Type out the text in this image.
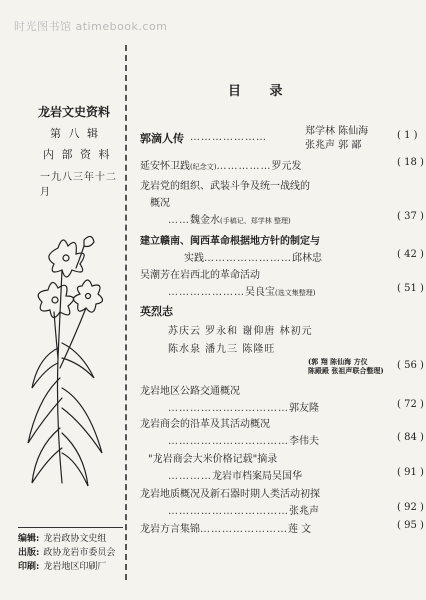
时光图书馆 atimebook.com
龙岩文史资料
第 八 辑
内 部 资 料
一九八三年十二月
编辑: 龙岩政协文史组
出版: 政协龙岩市委员会
印刷: 龙岩地区印刷厂
目 录
郭滴人传 …………………
郑学林 陈仙海
张兆声 郭 鄙
( 1 )
延安怀卫践(纪念文)……………罗元发	( 18 )
龙岩党的组织、武装斗争及统一战线的
概况
……魏金水(手稿记、郑学林 整理)	( 37 )
建立赣南、闽西革命根据地方针的制定与
实践……………………邱林忠	( 42 )
吴潮芳在岩西北的革命活动
…………………吴良宝(选文集整理)	( 51 )
英烈志
苏庆云 罗永和 谢仰唐 林初元
陈水泉 潘九三 陈隆旺
(郭 翔 陈仙海 方仪
陈殿殿 张祖声联合整理) ( 56 )
龙岩地区公路交通概况
……………………………郭友隆	( 72 )
龙岩商会的沿革及其活动概况
……………………………李伟夫	( 84 )
"龙岩商会大米价格记载"摘录
…………龙岩市档案局吴国华	( 91 )
龙岩地质概况及新石器时期人类活动初探
……………………………张兆声	( 92 )
龙岩方言集锦……………………莲 文	( 95 )
